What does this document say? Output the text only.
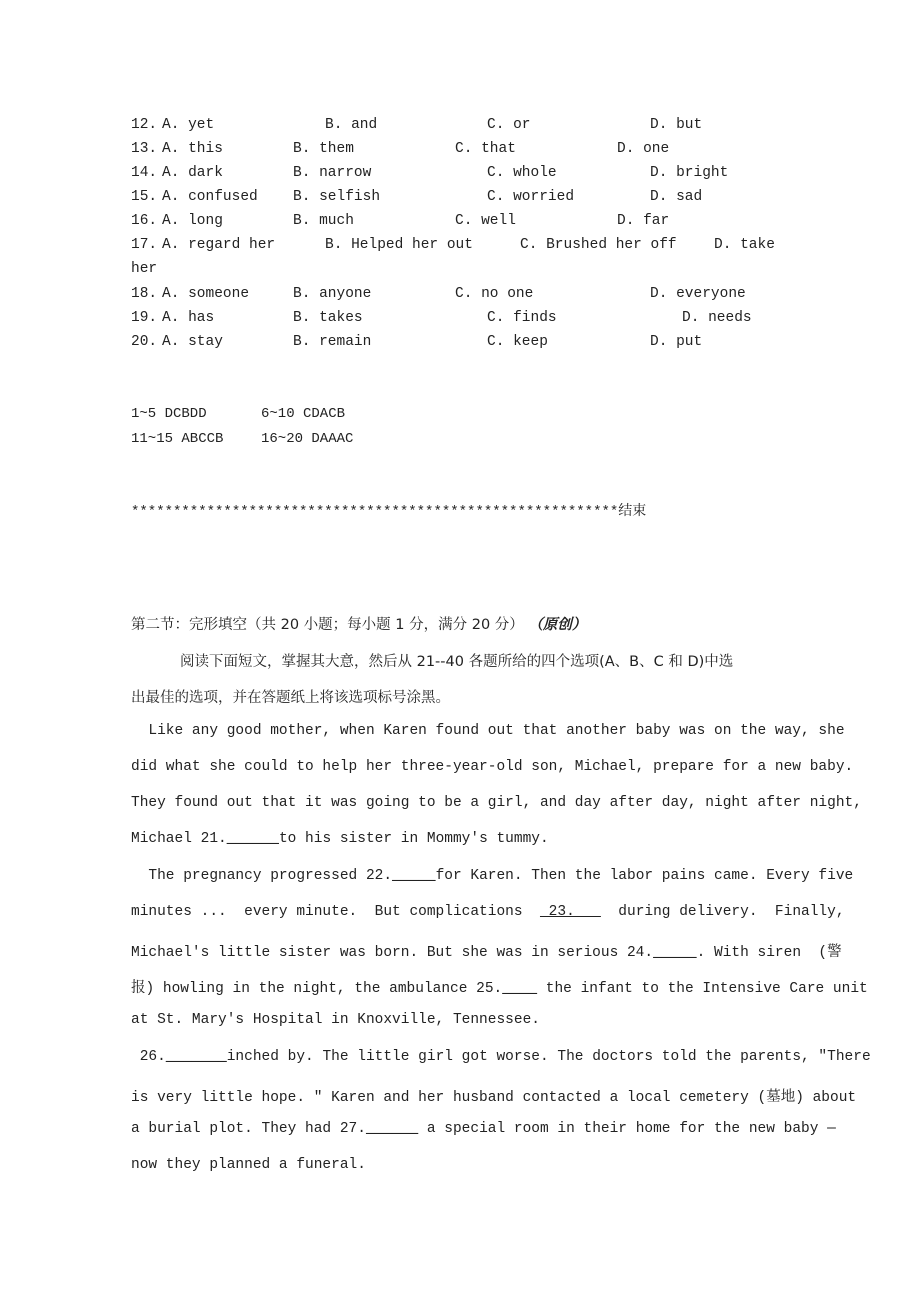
12. A. yet	B. and	C. or	D. but
13. A. this	B. them	C. that	D. one
14. A. dark	B. narrow	C. whole	D. bright
15. A. confused B. selfish	C. worried	D. sad
16. A. long	B. much	C. well	D. far
17. A. regard her	B. Helped her out	C. Brushed her off	D. take
her
18. A. someone	B. anyone	C. no one	D. everyone
19. A. has	B. takes	C. finds	D. needs
20. A. stay	B. remain	C. keep	D. put
1~5 DCBDD	6~10 CDACB
11~15 ABCCB	16~20 DAAAC
**********************************************************结束
第二节：完形填空（共 20 小题；每小题 1 分，满分 20 分） （原创）
阅读下面短文，掌握其大意，然后从 21--40 各题所给的四个选项(A、B、C 和 D)中选
出最佳的选项，并在答题纸上将该选项标号涂黑。
Like any good mother, when Karen found out that another baby was on the way, she
did what she could to help her three-year-old son, Michael, prepare for a new baby.
They found out that it was going to be a girl, and day after day, night after night,
Michael 21.______to his sister in Mommy's tummy.
The pregnancy progressed 22._____for Karen. Then the labor pains came. Every five
minutes ...  every minute.  But complications   23.     during delivery.  Finally,
Michael's little sister was born. But she was in serious 24._____. With siren  (警
报) howling in the night, the ambulance 25.____ the infant to the Intensive Care unit
at St. Mary's Hospital in Knoxville, Tennessee.
26._______inched by. The little girl got worse. The doctors told the parents, "There
is very little hope. " Karen and her husband contacted a local cemetery (墓地) about
a burial plot. They had 27.______ a special room in their home for the new baby —
now they planned a funeral.
